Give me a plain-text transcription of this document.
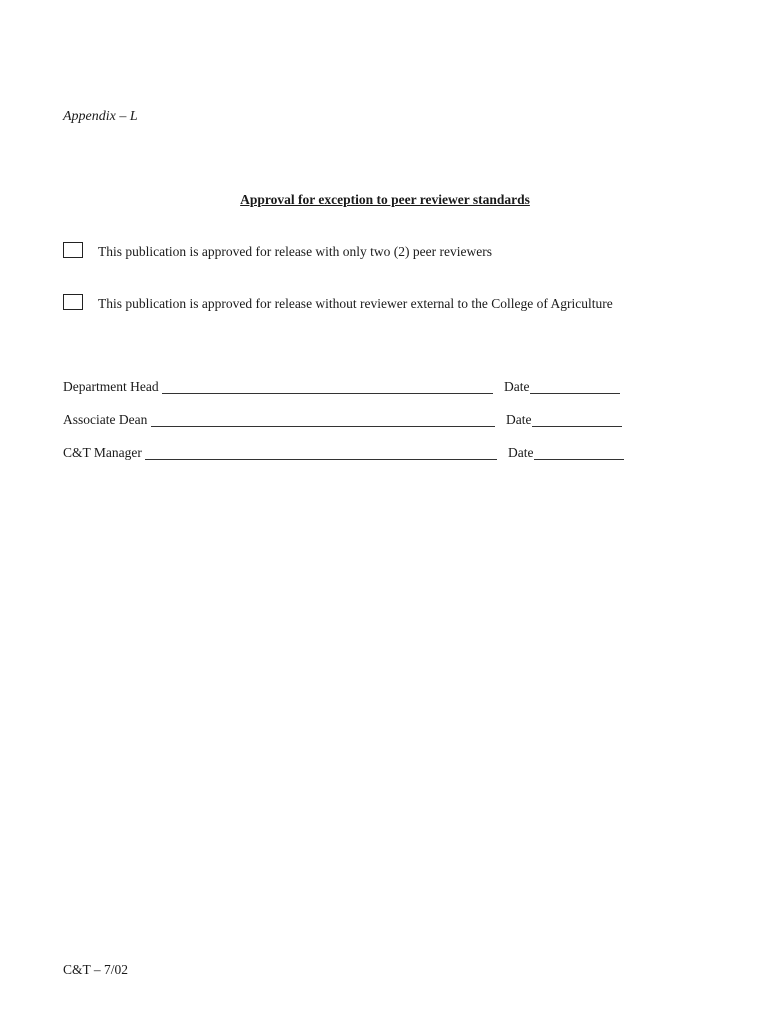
Appendix – L
Approval for exception to peer reviewer standards
This publication is approved for release with only two (2) peer reviewers
This publication is approved for release without reviewer external to the College of Agriculture
Department Head	Date
Associate Dean	Date
C&T Manager	Date
C&T – 7/02
